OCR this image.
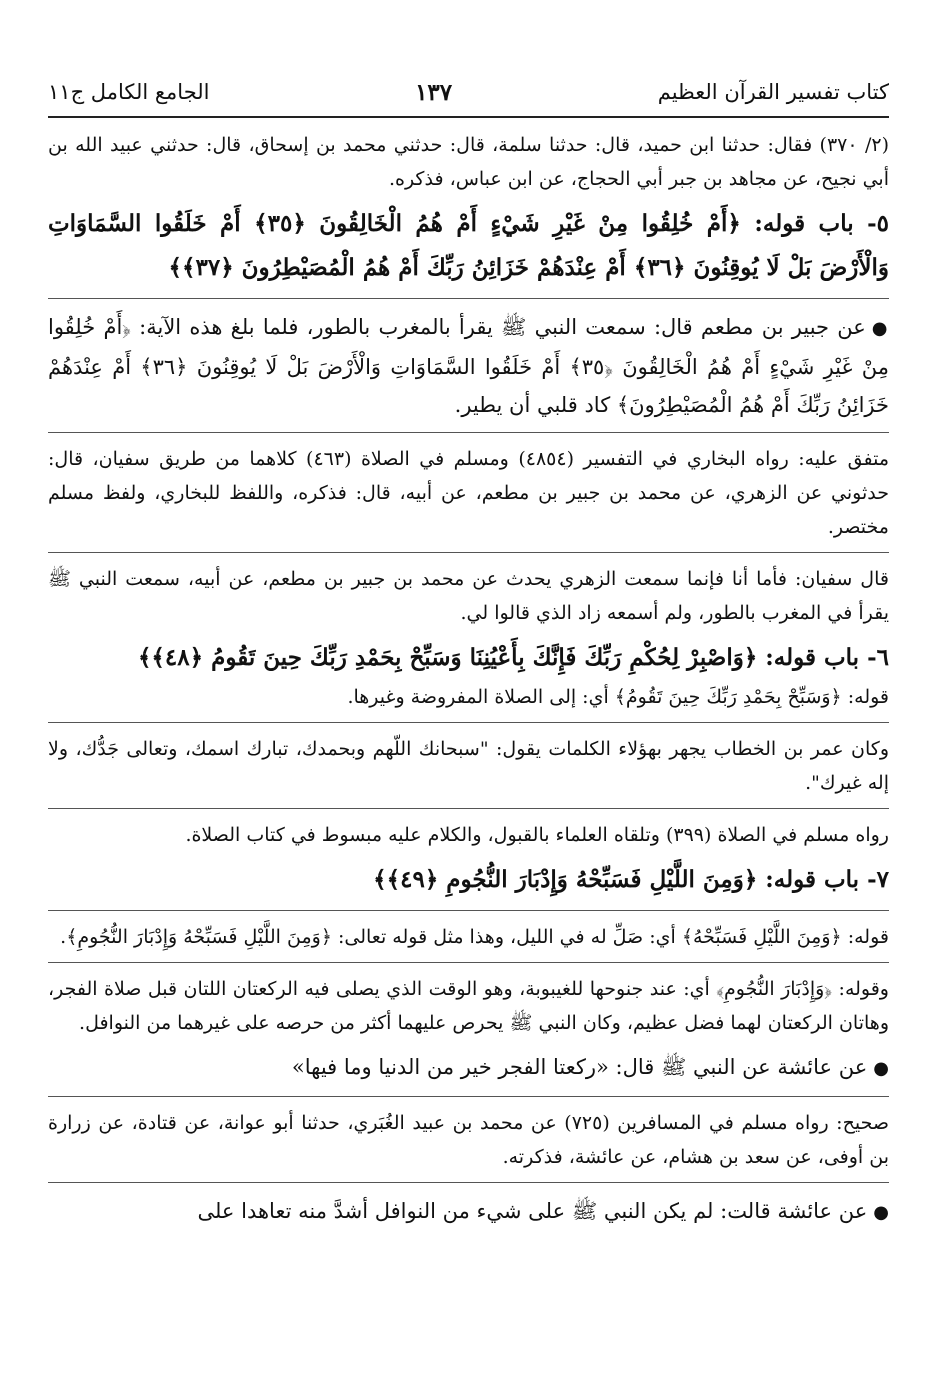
كتاب تفسير القرآن العظيم
١٣٧
الجامع الكامل ج١١

(٢/ ٣٧٠) فقال: حدثنا ابن حميد، قال: حدثنا سلمة، قال: حدثني محمد بن إسحاق، قال: حدثني عبيد الله بن أبي نجيح، عن مجاهد بن جبر أبي الحجاج، عن ابن عباس، فذكره.

٥- باب قوله: ﴿أَمْ خُلِقُوا مِنْ غَيْرِ شَيْءٍ أَمْ هُمُ الْخَالِقُونَ ﴿٣٥﴾ أَمْ خَلَقُوا السَّمَاوَاتِ وَالْأَرْضَ بَلْ لَا يُوقِنُونَ ﴿٣٦﴾ أَمْ عِنْدَهُمْ خَزَائِنُ رَبِّكَ أَمْ هُمُ الْمُصَيْطِرُونَ ﴿٣٧﴾﴾

●عن جبير بن مطعم قال: سمعت النبي ﷺ يقرأ بالمغرب بالطور، فلما بلغ هذه الآية: ﴿أَمْ خُلِقُوا مِنْ غَيْرِ شَيْءٍ أَمْ هُمُ الْخَالِقُونَ ﴿٣٥﴾ أَمْ خَلَقُوا السَّمَاوَاتِ وَالْأَرْضَ بَلْ لَا يُوقِنُونَ ﴿٣٦﴾ أَمْ عِنْدَهُمْ خَزَائِنُ رَبِّكَ أَمْ هُمُ الْمُصَيْطِرُونَ﴾ كاد قلبي أن يطير.

متفق عليه: رواه البخاري في التفسير (٤٨٥٤) ومسلم في الصلاة (٤٦٣) كلاهما من طريق سفيان، قال: حدثوني عن الزهري، عن محمد بن جبير بن مطعم، عن أبيه، قال: فذكره، واللفظ للبخاري، ولفظ مسلم مختصر.

قال سفيان: فأما أنا فإنما سمعت الزهري يحدث عن محمد بن جبير بن مطعم، عن أبيه، سمعت النبي ﷺ يقرأ في المغرب بالطور، ولم أسمعه زاد الذي قالوا لي.

٦- باب قوله: ﴿وَاصْبِرْ لِحُكْمِ رَبِّكَ فَإِنَّكَ بِأَعْيُنِنَا وَسَبِّحْ بِحَمْدِ رَبِّكَ حِينَ تَقُومُ ﴿٤٨﴾﴾

قوله: ﴿وَسَبِّحْ بِحَمْدِ رَبِّكَ حِينَ تَقُومُ﴾ أي: إلى الصلاة المفروضة وغيرها.

وكان عمر بن الخطاب يجهر بهؤلاء الكلمات يقول: "سبحانك اللّهم وبحمدك، تبارك اسمك، وتعالى جَدُّك، ولا إله غيرك".

رواه مسلم في الصلاة (٣٩٩) وتلقاه العلماء بالقبول، والكلام عليه مبسوط في كتاب الصلاة.

٧- باب قوله: ﴿وَمِنَ اللَّيْلِ فَسَبِّحْهُ وَإِدْبَارَ النُّجُومِ ﴿٤٩﴾﴾

قوله: ﴿وَمِنَ اللَّيْلِ فَسَبِّحْهُ﴾ أي: صَلِّ له في الليل، وهذا مثل قوله تعالى: ﴿وَمِنَ اللَّيْلِ فَسَبِّحْهُ وَإِدْبَارَ النُّجُومِ﴾.

وقوله: ﴿وَإِدْبَارَ النُّجُومِ﴾ أي: عند جنوحها للغيبوبة، وهو الوقت الذي يصلى فيه الركعتان اللتان قبل صلاة الفجر، وهاتان الركعتان لهما فضل عظيم، وكان النبي ﷺ يحرص عليهما أكثر من حرصه على غيرهما من النوافل.

●عن عائشة عن النبي ﷺ قال: «ركعتا الفجر خير من الدنيا وما فيها»

صحيح: رواه مسلم في المسافرين (٧٢٥) عن محمد بن عبيد الغُبَري، حدثنا أبو عوانة، عن قتادة، عن زرارة بن أوفى، عن سعد بن هشام، عن عائشة، فذكرته.

●عن عائشة قالت: لم يكن النبي ﷺ على شيء من النوافل أشدَّ منه تعاهدا على
